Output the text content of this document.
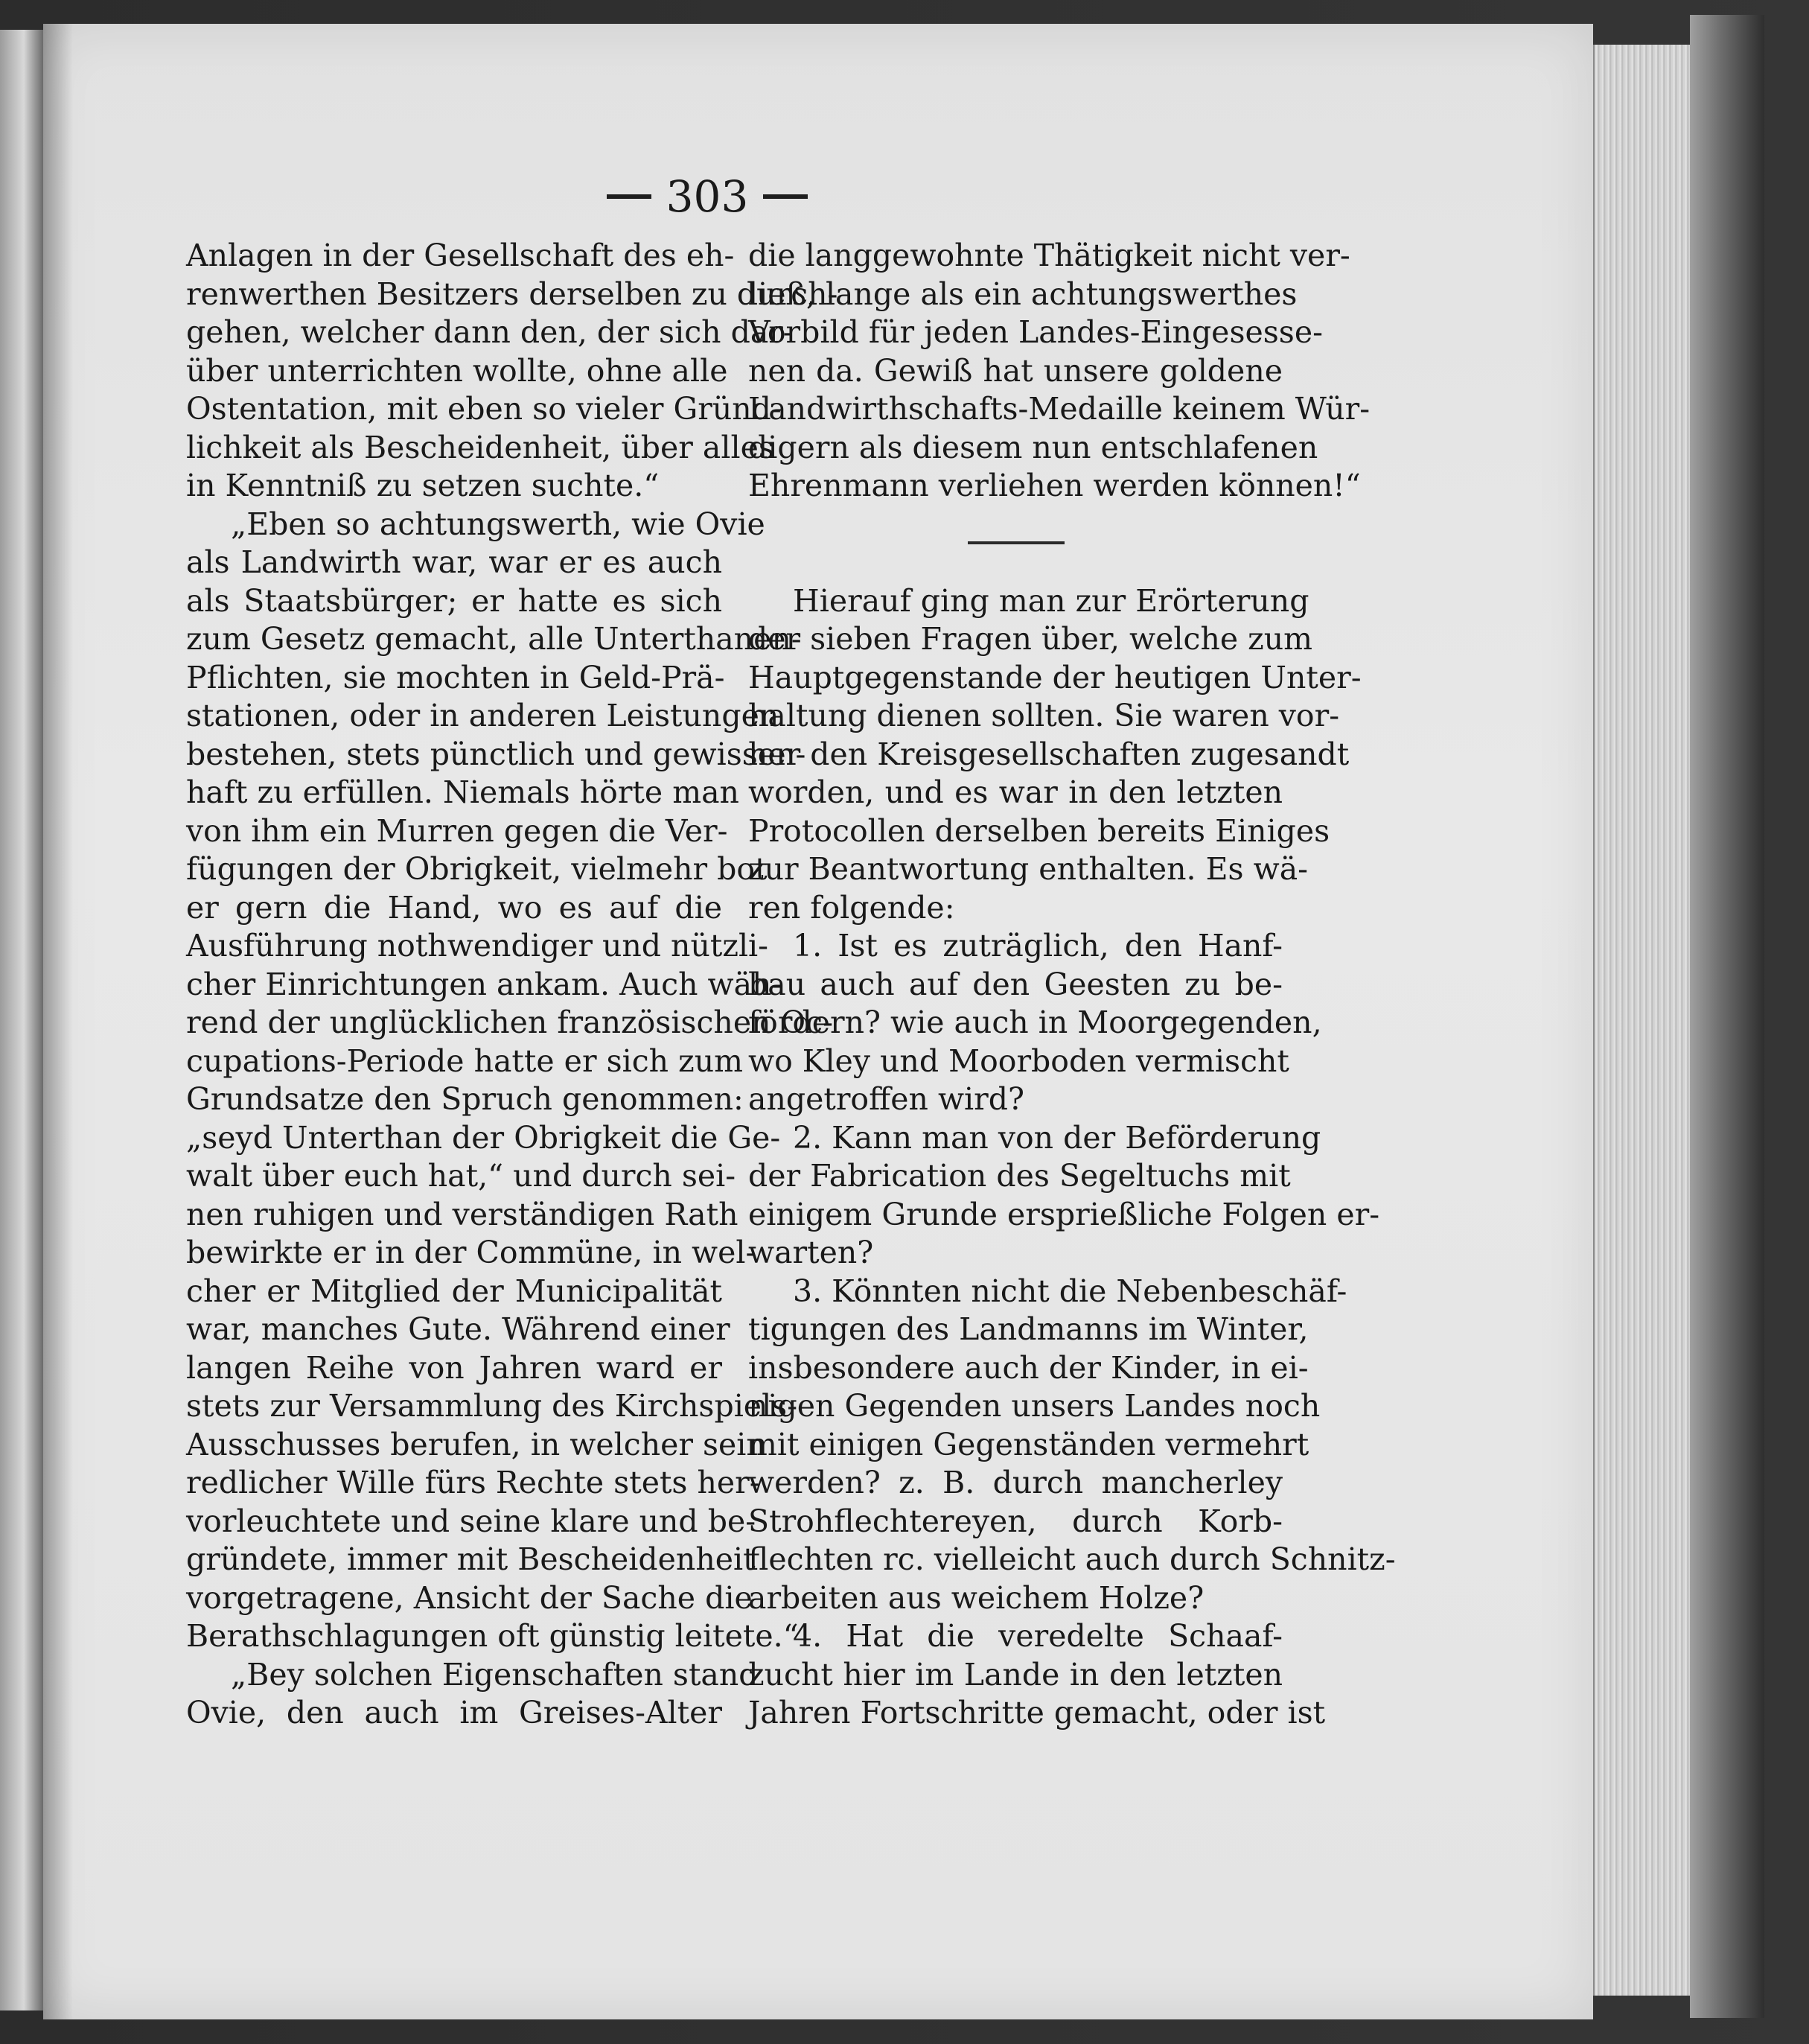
303
Anlagen in der Gesellschaft des eh-
renwerthen Besitzers derselben zu durch-
gehen, welcher dann den, der sich dar-
über unterrichten wollte, ohne alle
Ostentation, mit eben so vieler Gründ-
lichkeit als Bescheidenheit, über alles
in Kenntniß zu setzen suchte.“
„Eben so achtungswerth, wie Ovie
als Landwirth war, war er es auch
als Staatsbürger; er hatte es sich
zum Gesetz gemacht, alle Unterthanen-
Pflichten, sie mochten in Geld-Prä-
stationen, oder in anderen Leistungen
bestehen, stets pünctlich und gewissen-
haft zu erfüllen. Niemals hörte man
von ihm ein Murren gegen die Ver-
fügungen der Obrigkeit, vielmehr bot
er gern die Hand, wo es auf die
Ausführung nothwendiger und nützli-
cher Einrichtungen ankam. Auch wäh-
rend der unglücklichen französischen Oc-
cupations-Periode hatte er sich zum
Grundsatze den Spruch genommen:
„seyd Unterthan der Obrigkeit die Ge-
walt über euch hat,“ und durch sei-
nen ruhigen und verständigen Rath
bewirkte er in der Commüne, in wel-
cher er Mitglied der Municipalität
war, manches Gute. Während einer
langen Reihe von Jahren ward er
stets zur Versammlung des Kirchspiels-
Ausschusses berufen, in welcher sein
redlicher Wille fürs Rechte stets her-
vorleuchtete und seine klare und be-
gründete, immer mit Bescheidenheit
vorgetragene, Ansicht der Sache die
Berathschlagungen oft günstig leitete.“
„Bey solchen Eigenschaften stand
Ovie, den auch im Greises-Alter
die langgewohnte Thätigkeit nicht ver-
ließ, lange als ein achtungswerthes
Vorbild für jeden Landes-Eingesesse-
nen da. Gewiß hat unsere goldene
Landwirthschafts-Medaille keinem Wür-
digern als diesem nun entschlafenen
Ehrenmann verliehen werden können!“
Hierauf ging man zur Erörterung
der sieben Fragen über, welche zum
Hauptgegenstande der heutigen Unter-
haltung dienen sollten. Sie waren vor-
her den Kreisgesellschaften zugesandt
worden, und es war in den letzten
Protocollen derselben bereits Einiges
zur Beantwortung enthalten. Es wä-
ren folgende:
1. Ist es zuträglich, den Hanf-
bau auch auf den Geesten zu be-
fördern? wie auch in Moorgegenden,
wo Kley und Moorboden vermischt
angetroffen wird?
2. Kann man von der Beförderung
der Fabrication des Segeltuchs mit
einigem Grunde ersprießliche Folgen er-
warten?
3. Könnten nicht die Nebenbeschäf-
tigungen des Landmanns im Winter,
insbesondere auch der Kinder, in ei-
nigen Gegenden unsers Landes noch
mit einigen Gegenständen vermehrt
werden? z. B. durch mancherley
Strohflechtereyen, durch Korb-
flechten rc. vielleicht auch durch Schnitz-
arbeiten aus weichem Holze?
4. Hat die veredelte Schaaf-
zucht hier im Lande in den letzten
Jahren Fortschritte gemacht, oder ist
